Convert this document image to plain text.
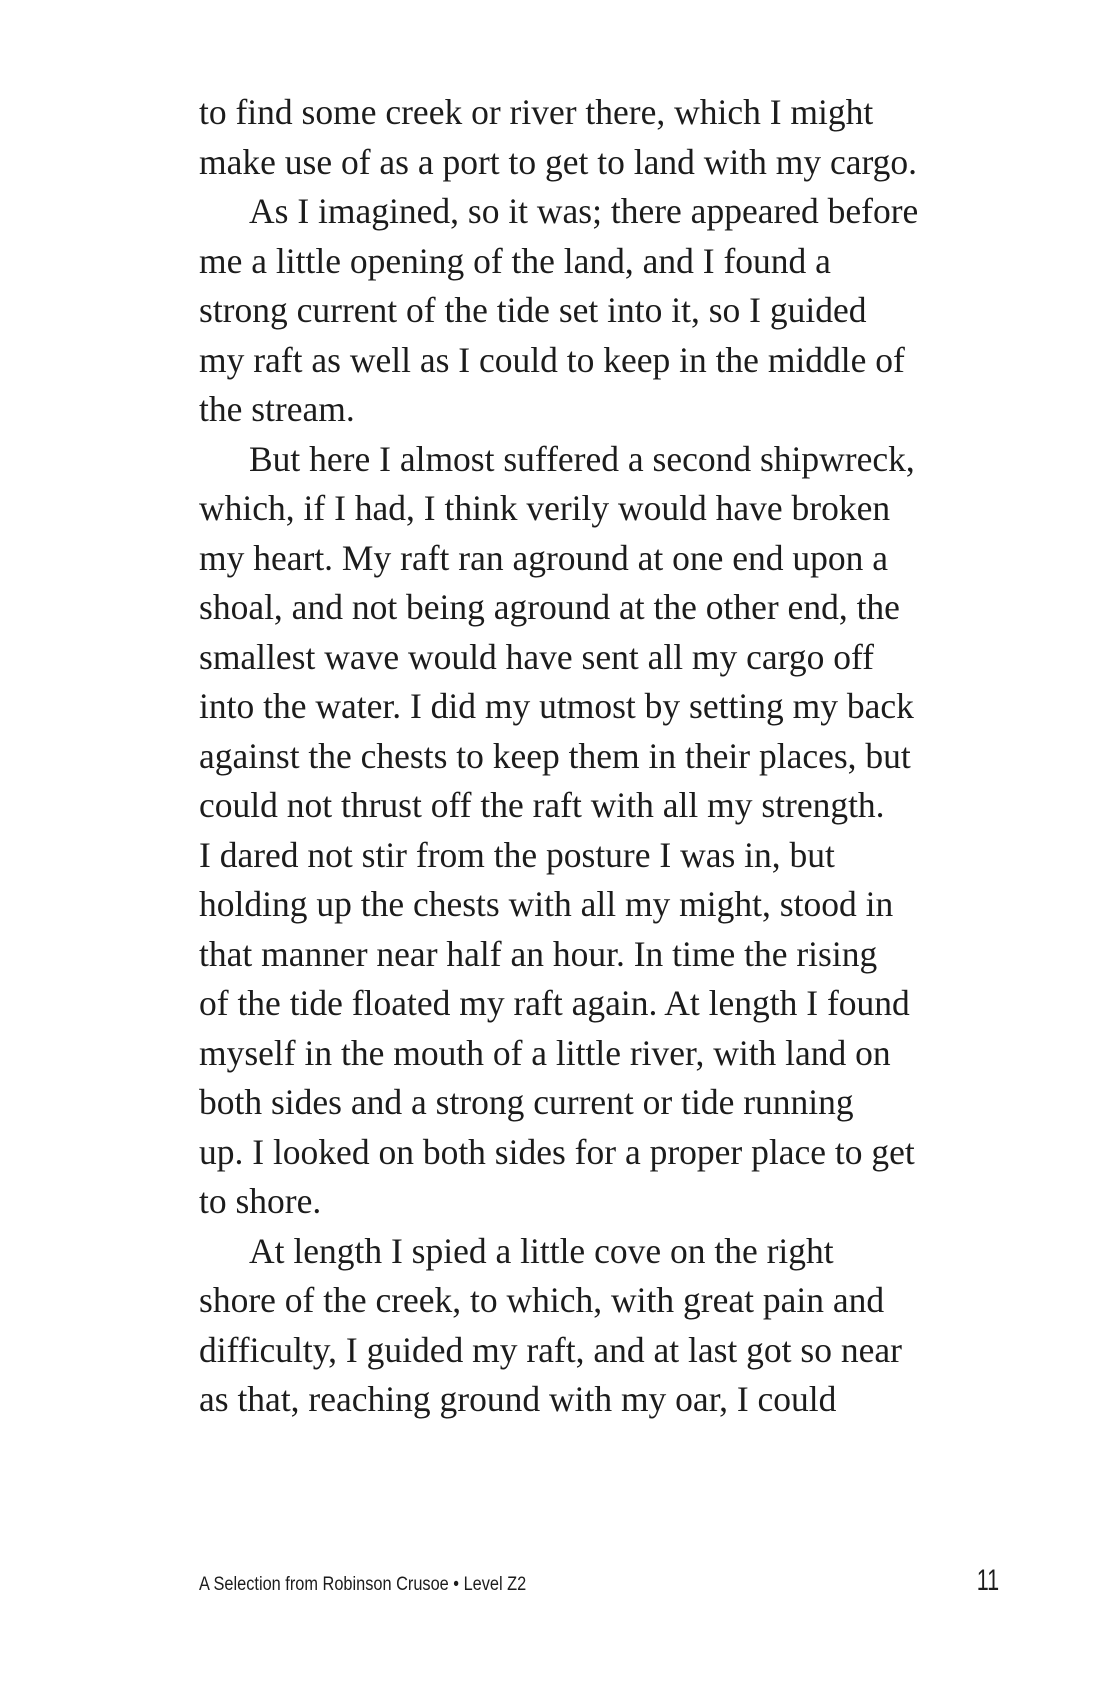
to find some creek or river there, which I might
make use of as a port to get to land with my cargo.

As I imagined, so it was; there appeared before
me a little opening of the land, and I found a
strong current of the tide set into it, so I guided
my raft as well as I could to keep in the middle of
the stream.

But here I almost suffered a second shipwreck,
which, if I had, I think verily would have broken
my heart. My raft ran aground at one end upon a
shoal, and not being aground at the other end, the
smallest wave would have sent all my cargo off
into the water. I did my utmost by setting my back
against the chests to keep them in their places, but
could not thrust off the raft with all my strength.
I dared not stir from the posture I was in, but
holding up the chests with all my might, stood in
that manner near half an hour. In time the rising
of the tide floated my raft again. At length I found
myself in the mouth of a little river, with land on
both sides and a strong current or tide running
up. I looked on both sides for a proper place to get
to shore.

At length I spied a little cove on the right
shore of the creek, to which, with great pain and
difficulty, I guided my raft, and at last got so near
as that, reaching ground with my oar, I could

A Selection from Robinson Crusoe • Level Z2	11
